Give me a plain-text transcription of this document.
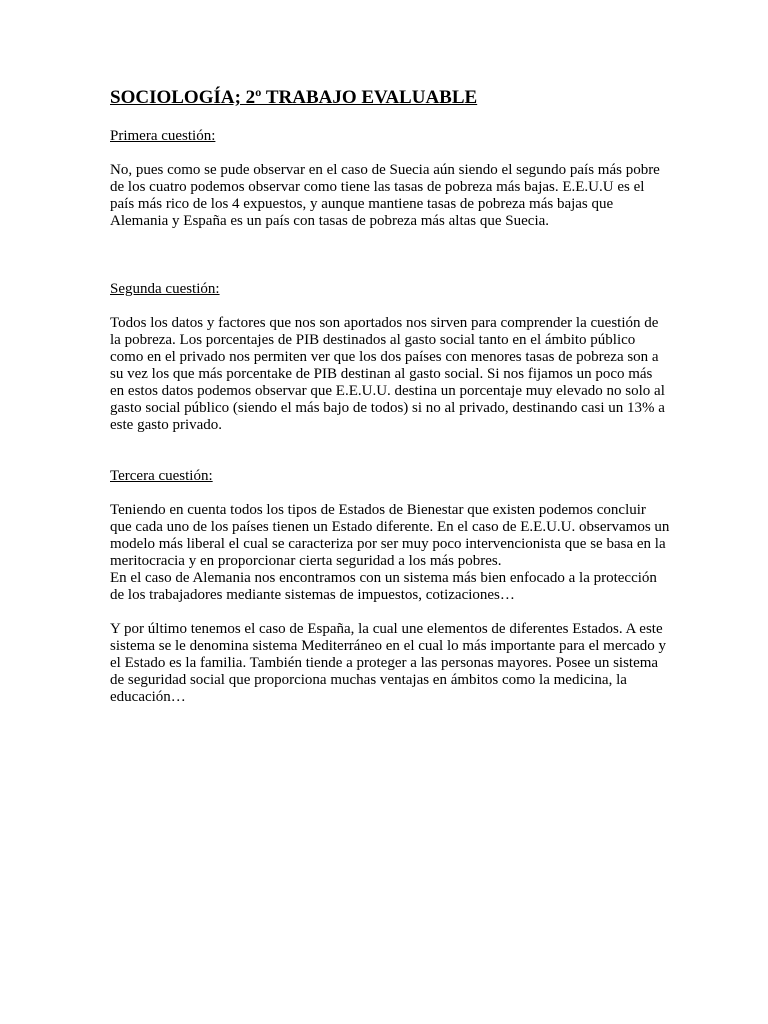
SOCIOLOGÍA; 2º TRABAJO EVALUABLE

Primera cuestión:

No, pues como se pude observar en el caso de Suecia aún siendo el segundo país más pobre de los cuatro podemos observar como tiene las tasas de pobreza más bajas. E.E.U.U es el país más rico de los 4 expuestos, y aunque mantiene tasas de pobreza más bajas que Alemania y España es un país con tasas de pobreza más altas que Suecia.

Segunda cuestión:

Todos los datos y factores que nos son aportados nos sirven para comprender la cuestión de la pobreza. Los porcentajes de PIB destinados al gasto social tanto en el ámbito público como en el privado nos permiten ver que los dos países con menores tasas de pobreza son a su vez los que más porcentake de PIB destinan al gasto social. Si nos fijamos un poco más en estos datos podemos observar que E.E.U.U. destina un porcentaje muy elevado no solo al gasto social público (siendo el más bajo de todos) si no al privado, destinando casi un 13% a este gasto privado.

Tercera cuestión:

Teniendo en cuenta todos los tipos de Estados de Bienestar que existen podemos concluir que cada uno de los países tienen un Estado diferente. En el caso de E.E.U.U. observamos un modelo más liberal el cual se caracteriza por ser muy poco intervencionista que se basa en la meritocracia y en proporcionar cierta seguridad a los más pobres.

En el caso de Alemania nos encontramos con un sistema más bien enfocado a la protección de los trabajadores mediante sistemas de impuestos, cotizaciones…

Y por último tenemos el caso de España, la cual une elementos de diferentes Estados. A este sistema se le denomina sistema Mediterráneo en el cual lo más importante para el mercado y el Estado es la familia. También tiende a proteger a las personas mayores. Posee un sistema de seguridad social que proporciona muchas ventajas en ámbitos como la medicina, la educación…
